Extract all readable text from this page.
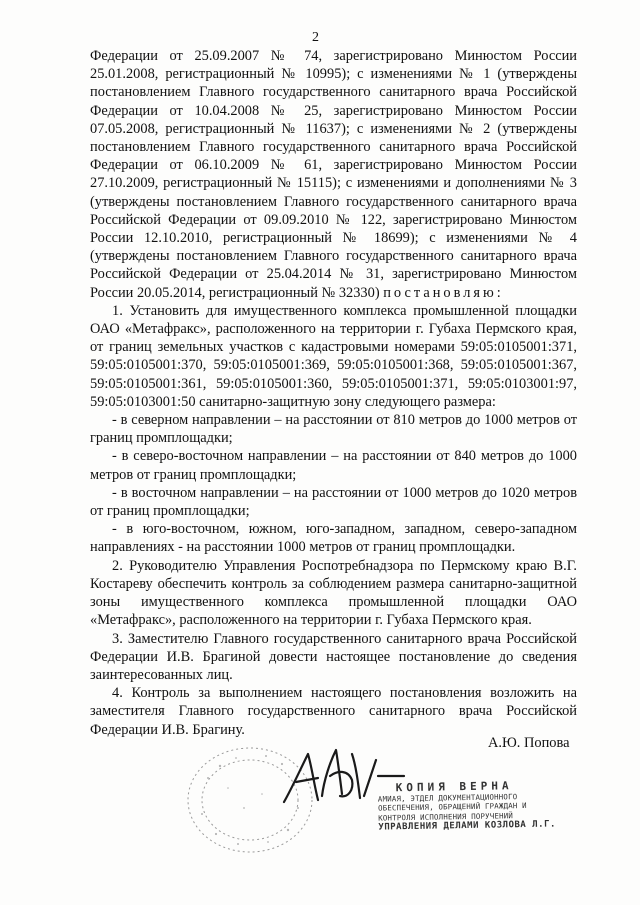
2

Федерации от 25.09.2007 № 74, зарегистрировано Минюстом России 25.01.2008, регистрационный № 10995); с изменениями № 1 (утверждены постановлением Главного государственного санитарного врача Российской Федерации от 10.04.2008 № 25, зарегистрировано Минюстом России 07.05.2008, регистрационный № 11637); с изменениями № 2 (утверждены постановлением Главного государственного санитарного врача Российской Федерации от 06.10.2009 № 61, зарегистрировано Минюстом России 27.10.2009, регистрационный № 15115); с изменениями и дополнениями № 3 (утверждены постановлением Главного государственного санитарного врача Российской Федерации от 09.09.2010 № 122, зарегистрировано Минюстом России 12.10.2010, регистрационный № 18699); с изменениями № 4 (утверждены постановлением Главного государственного санитарного врача Российской Федерации от 25.04.2014 № 31, зарегистрировано Минюстом России 20.05.2014, регистрационный № 32330) постановляю:

1. Установить для имущественного комплекса промышленной площадки ОАО «Метафракс», расположенного на территории г. Губаха Пермского края, от границ земельных участков с кадастровыми номерами 59:05:0105001:371, 59:05:0105001:370, 59:05:0105001:369, 59:05:0105001:368, 59:05:0105001:367, 59:05:0105001:361, 59:05:0105001:360, 59:05:0105001:371, 59:05:0103001:97, 59:05:0103001:50 санитарно-защитную зону следующего размера:

- в северном направлении – на расстоянии от 810 метров до 1000 метров от границ промплощадки;

- в северо-восточном направлении – на расстоянии от 840 метров до 1000 метров от границ промплощадки;

- в восточном направлении – на расстоянии от 1000 метров до 1020 метров от границ промплощадки;

- в юго-восточном, южном, юго-западном, западном, северо-западном направлениях - на расстоянии 1000 метров от границ промплощадки.

2. Руководителю Управления Роспотребнадзора по Пермскому краю В.Г. Костареву обеспечить контроль за соблюдением размера санитарно-защитной зоны имущественного комплекса промышленной площадки ОАО «Метафракс», расположенного на территории г. Губаха Пермского края.

3. Заместителю Главного государственного санитарного врача Российской Федерации И.В. Брагиной довести настоящее постановление до сведения заинтересованных лиц.

4. Контроль за выполнением настоящего постановления возложить на заместителя Главного государственного санитарного врача Российской Федерации И.В. Брагину.

А.Ю. Попова
КОПИЯ ВЕРНА
АМИАЯ, ЭТДЕЛ ДОКУМЕНТАЦИОННОГО
ОБЕСПЕЧЕНИЯ, ОБРАЩЕНИЙ ГРАЖДАН И
КОНТРОЛЯ ИСПОЛНЕНИЯ ПОРУЧЕНИЙ
УПРАВЛЕНИЯ ДЕЛАМИ КОЗЛОВА Л.Г.
